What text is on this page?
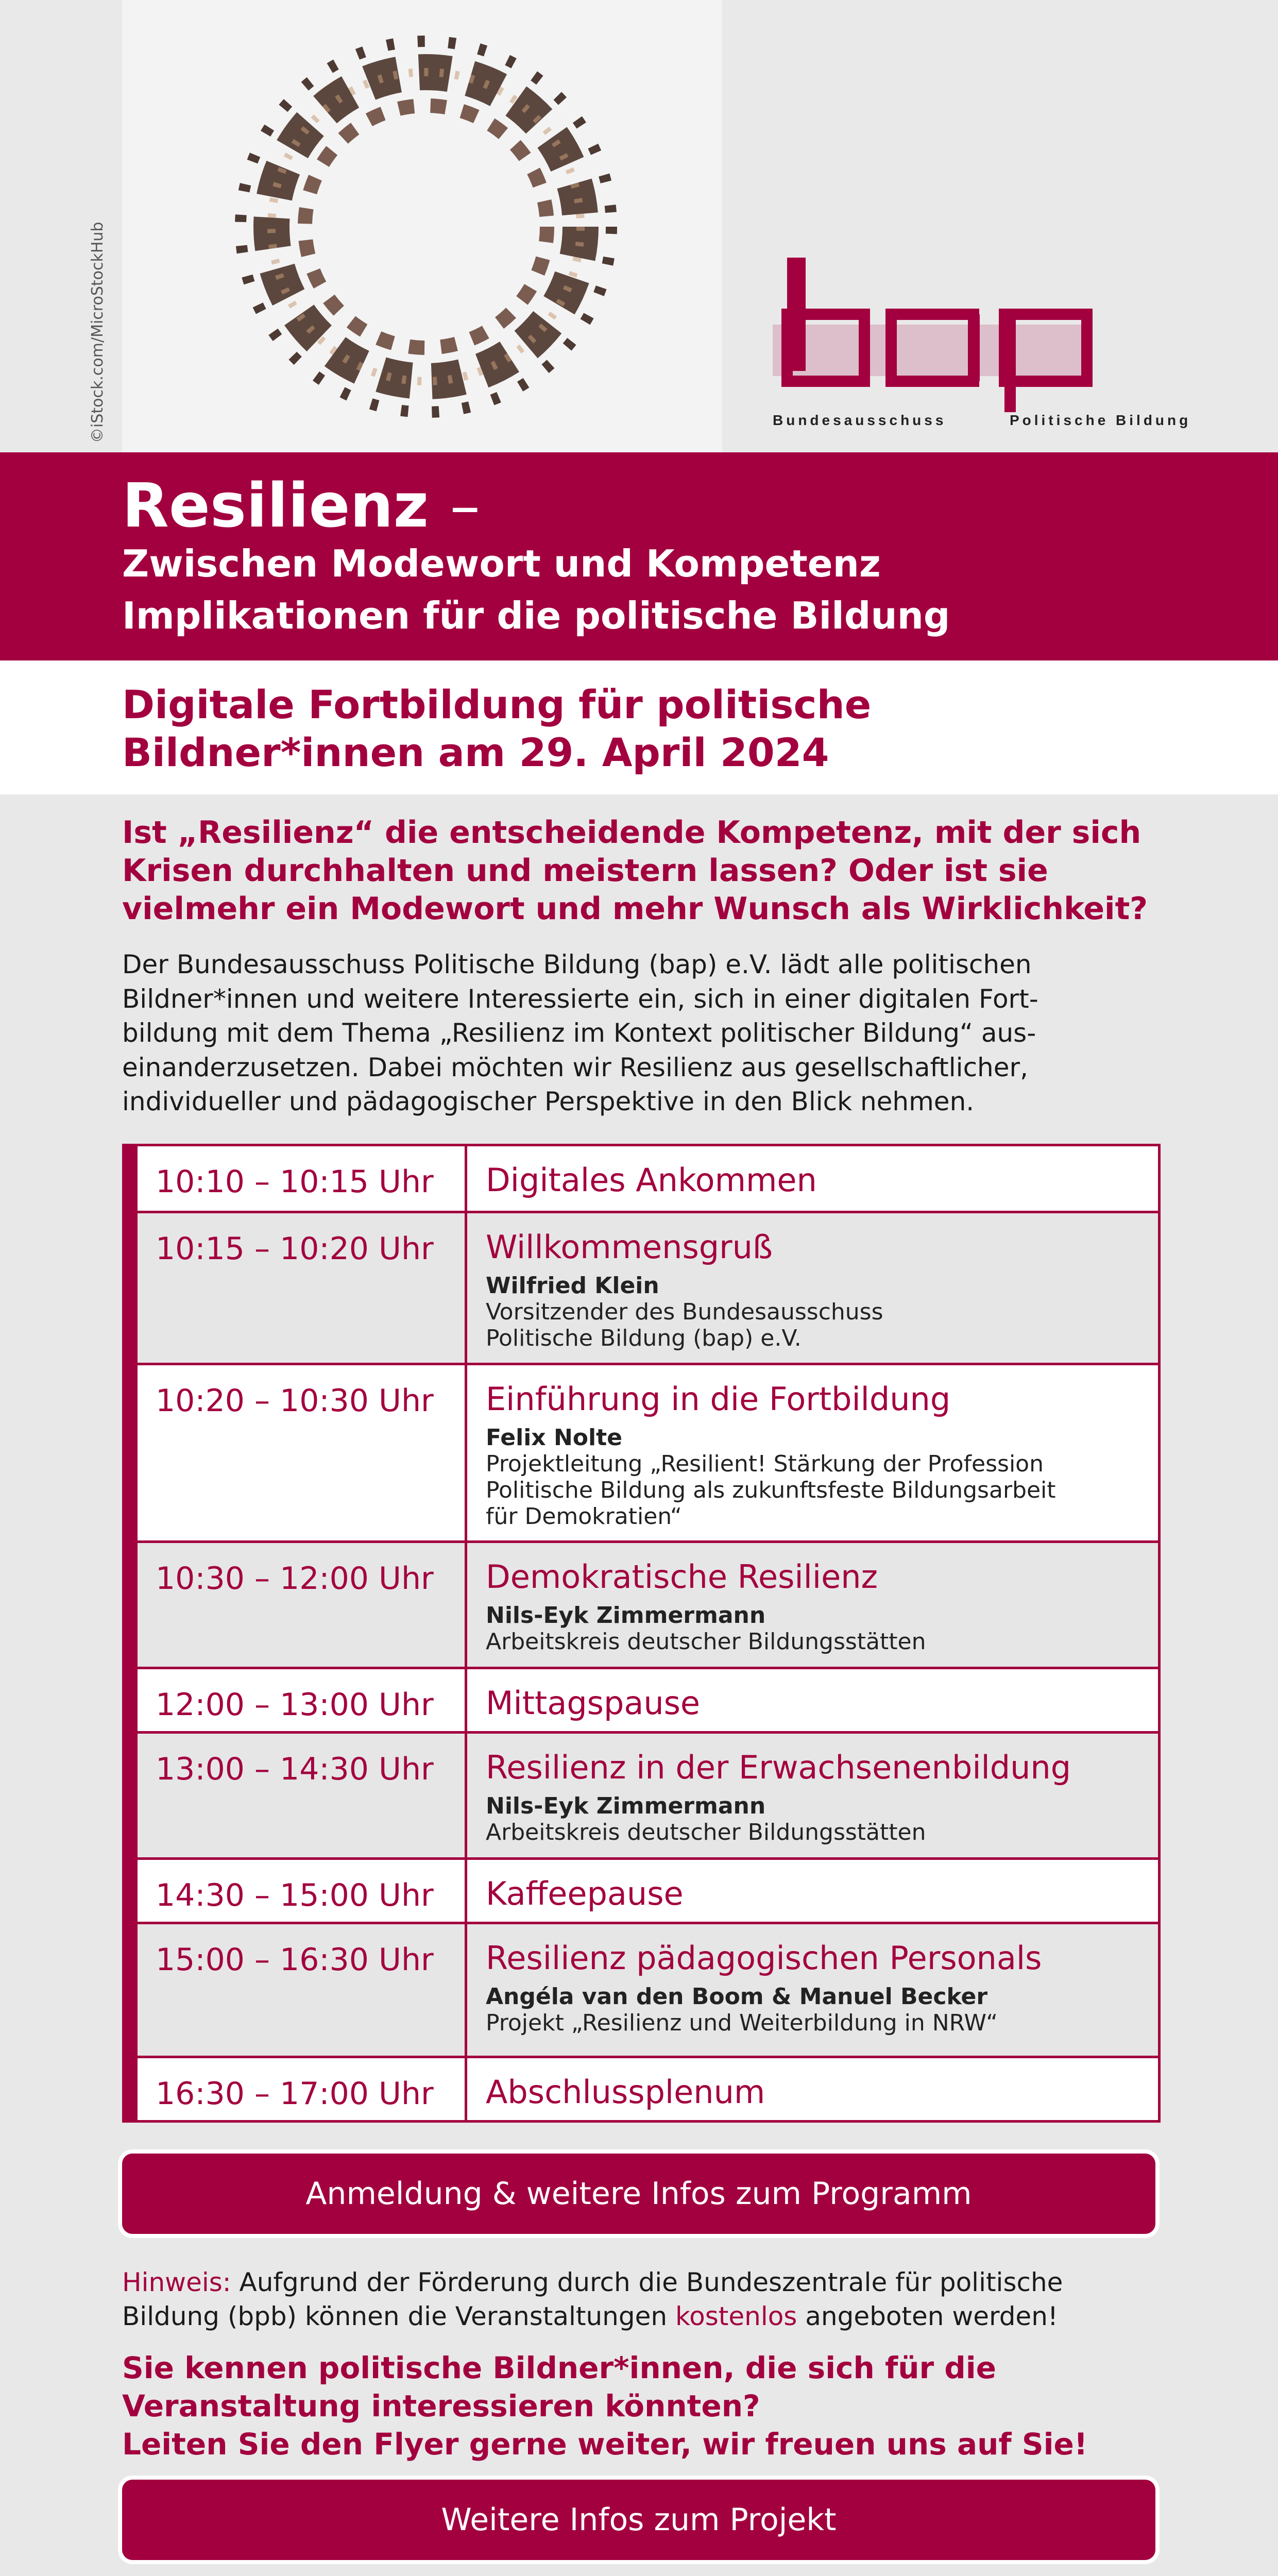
©iStock.com/MicroStockHub	Bundesausschuss	Politische Bildung
Resilienz –
Zwischen Modewort und Kompetenz
Implikationen für die politische Bildung
Digitale Fortbildung für politische
Bildner*innen am 29. April 2024
Ist „Resilienz“ die entscheidende Kompetenz, mit der sich
Krisen durchhalten und meistern lassen? Oder ist sie
vielmehr ein Modewort und mehr Wunsch als Wirklichkeit?
Der Bundesausschuss Politische Bildung (bap) e.V. lädt alle politischen
Bildner*innen und weitere Interessierte ein, sich in einer digitalen Fort-
bildung mit dem Thema „Resilienz im Kontext politischer Bildung“ aus-
einanderzusetzen. Dabei möchten wir Resilienz aus gesellschaftlicher,
individueller und pädagogischer Perspektive in den Blick nehmen.
10:10 – 10:15 Uhr	Digitales Ankommen
10:15 – 10:20 Uhr	Willkommensgruß
Wilfried Klein
Vorsitzender des Bundesausschuss
Politische Bildung (bap) e.V.
10:20 – 10:30 Uhr	Einführung in die Fortbildung
Felix Nolte
Projektleitung „Resilient! Stärkung der Profession
Politische Bildung als zukunftsfeste Bildungsarbeit
für Demokratien“
10:30 – 12:00 Uhr	Demokratische Resilienz
Nils-Eyk Zimmermann
Arbeitskreis deutscher Bildungsstätten
12:00 – 13:00 Uhr	Mittagspause
13:00 – 14:30 Uhr	Resilienz in der Erwachsenenbildung
Nils-Eyk Zimmermann
Arbeitskreis deutscher Bildungsstätten
14:30 – 15:00 Uhr	Kaffeepause
15:00 – 16:30 Uhr	Resilienz pädagogischen Personals
Angéla van den Boom & Manuel Becker
Projekt „Resilienz und Weiterbildung in NRW“
16:30 – 17:00 Uhr	Abschlussplenum
Anmeldung & weitere Infos zum Programm
Hinweis: Aufgrund der Förderung durch die Bundeszentrale für politische
Bildung (bpb) können die Veranstaltungen kostenlos angeboten werden!
Sie kennen politische Bildner*innen, die sich für die
Veranstaltung interessieren könnten?
Leiten Sie den Flyer gerne weiter, wir freuen uns auf Sie!
Weitere Infos zum Projekt
